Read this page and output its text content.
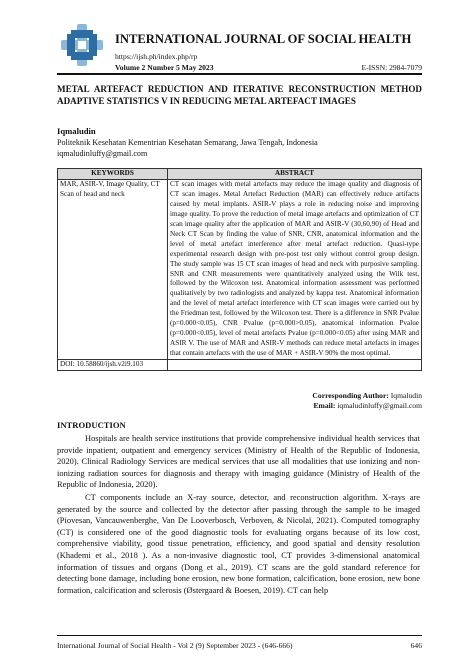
INTERNATIONAL JOURNAL OF SOCIAL HEALTH
https://ijsh.ph/index.php/rp
Volume 2 Number 5 May 2023	E-ISSN: 2984-7079
METAL ARTEFACT REDUCTION AND ITERATIVE RECONSTRUCTION METHOD ADAPTIVE STATISTICS V IN REDUCING METAL ARTEFACT IMAGES
Iqmaludin
Politeknik Kesehatan Kementrian Kesehatan Semarang, Jawa Tengah, Indonesia
iqmaludinluffy@gmail.com
KEYWORDS	ABSTRACT
MAR, ASIR-V, Image Quality, CT Scan of head and neck	CT scan images with metal artefacts may reduce the image quality and diagnosis of CT scan images. Metal Artefact Reduction (MAR) can effectively reduce artifacts caused by metal implants. ASIR-V plays a role in reducing noise and improving image quality. To prove the reduction of metal image artefacts and optimization of CT scan image quality after the application of MAR and ASIR-V (30,60,90) of Head and Neck CT Scan by finding the value of SNR, CNR, anatomical information and the level of metal artefact interference after metal artefact reduction. Quasi-type experimental research design with pre-post test only without control group design. The study sample was 15 CT scan images of head and neck with purposive sampling. SNR and CNR measurements were quantitatively analyzed using the Wilk test, followed by the Wilcoxon test. Anatomical information assessment was performed qualitatively by two radiologists and analyzed by kappa test. Anatomical information and the level of metal artefact interference with CT scan images were carried out by the Friedman test, followed by the Wilcoxon test. There is a difference in SNR Pvalue (p=0.000<0.05), CNR Pvalue (p=0.000>0.05), anatomical information Pvalue (p=0.000<0.05), level of metal artefacts Pvalue (p=0.000<0.05) after using MAR and ASIR V. The use of MAR and ASIR-V methods can reduce metal artefacts in images that contain artefacts with the use of MAR + ASIR-V 90% the most optimal.
DOI: 10.58860/ijsh.v2i9.103	
Corresponding Author: Iqmaludin
Email: iqmaludinluffy@gmail.com
INTRODUCTION

Hospitals are health service institutions that provide comprehensive individual health services that provide inpatient, outpatient and emergency services (Ministry of Health of the Republic of Indonesia, 2020). Clinical Radiology Services are medical services that use all modalities that use ionizing and non-ionizing radiation sources for diagnosis and therapy with imaging guidance (Ministry of Health of the Republic of Indonesia, 2020).

CT components include an X-ray source, detector, and reconstruction algorithm. X-rays are generated by the source and collected by the detector after passing through the sample to be imaged (Piovesan, Vancauwenberghe, Van De Looverbosch, Verboven, & Nicolaï, 2021). Computed tomography (CT) is considered one of the good diagnostic tools for evaluating organs because of its low cost, comprehensive viability, good tissue penetration, efficiency, and good spatial and density resolution (Khademi et al., 2018 ). As a non-invasive diagnostic tool, CT provides 3-dimensional anatomical information of tissues and organs (Dong et al., 2019). CT scans are the gold standard reference for detecting bone damage, including bone erosion, new bone formation, calcification, bone erosion, new bone formation, calcification and sclerosis (Østergaard & Boesen, 2019). CT can help

International Journal of Social Health - Vol 2 (9) September 2023 - (646-666)	646
